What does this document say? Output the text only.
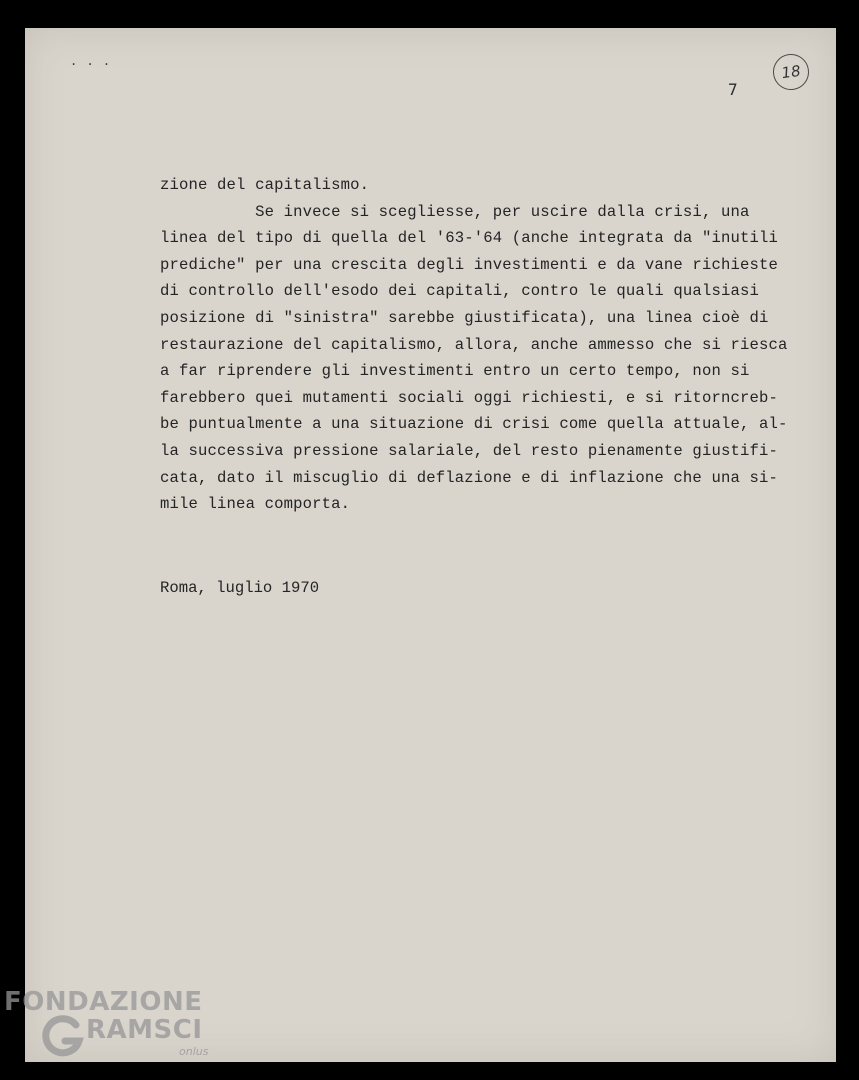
. . .
7
18
zione del capitalismo.
Se invece si scegliesse, per uscire dalla crisi, una
linea del tipo di quella del '63-'64 (anche integrata da "inutili
prediche" per una crescita degli investimenti e da vane richieste
di controllo dell'esodo dei capitali, contro le quali qualsiasi
posizione di "sinistra" sarebbe giustificata), una linea cioè di
restaurazione del capitalismo, allora, anche ammesso che si riesca
a far riprendere gli investimenti entro un certo tempo, non si
farebbero quei mutamenti sociali oggi richiesti, e si ritorncreb-
be puntualmente a una situazione di crisi come quella attuale, al-
la successiva pressione salariale, del resto pienamente giustifi-
cata, dato il miscuglio di deflazione e di inflazione che una si-
mile linea comporta.
Roma, luglio 1970
FONDAZIONE
RAMSCI
onlus
